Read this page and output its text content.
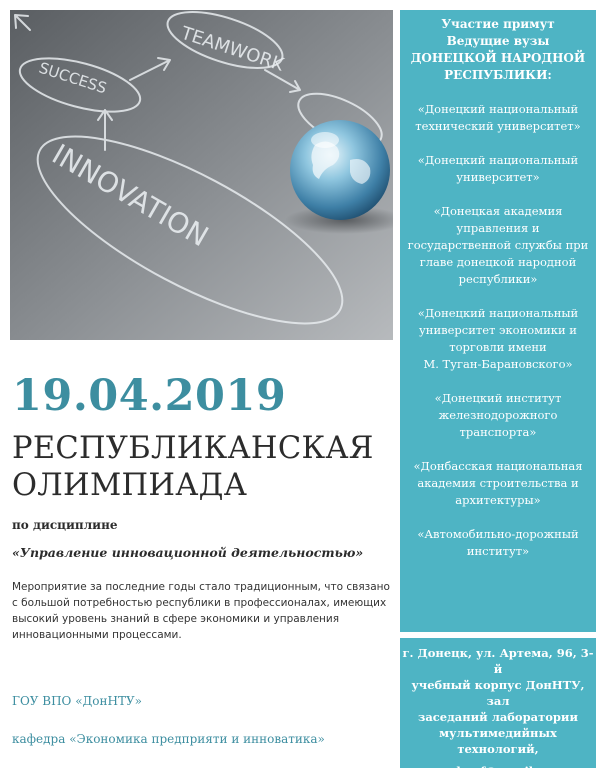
TEAMWORK
SUCCESS
INNOVATION
Участие примут
Ведущие вузы
ДОНЕЦКОЙ НАРОДНОЙ
РЕСПУБЛИКИ:
«Донецкий национальный
технический университет»
«Донецкий национальный
университет»
«Донецкая академия
управления и
государственной службы при
главе донецкой народной
республики»
«Донецкий национальный
университет экономики и
торговли имени
М. Туган-Барановского»
«Донецкий институт
железнодорожного
транспорта»
«Донбасская национальная
академия строительства и
архитектуры»
«Автомобильно-дорожный
институт»
г. Донецк, ул. Артема, 96, 3-й
учебный корпус ДонНТУ, зал
заседаний лаборатории
мультимедийных
технологий,
epr.konf@gmail.com
19.04.2019
РЕСПУБЛИКАНСКАЯ
ОЛИМПИАДА
по дисциплине
«Управление инновационной деятельностью»
Мероприятие за последние годы стало традиционным, что связано с большой потребностью республики в профессионалах, имеющих высокий уровень знаний в сфере экономики и управления инновационными процессами.
ГОУ ВПО «ДонНТУ»
кафедра «Экономика предприяти и инноватика»
